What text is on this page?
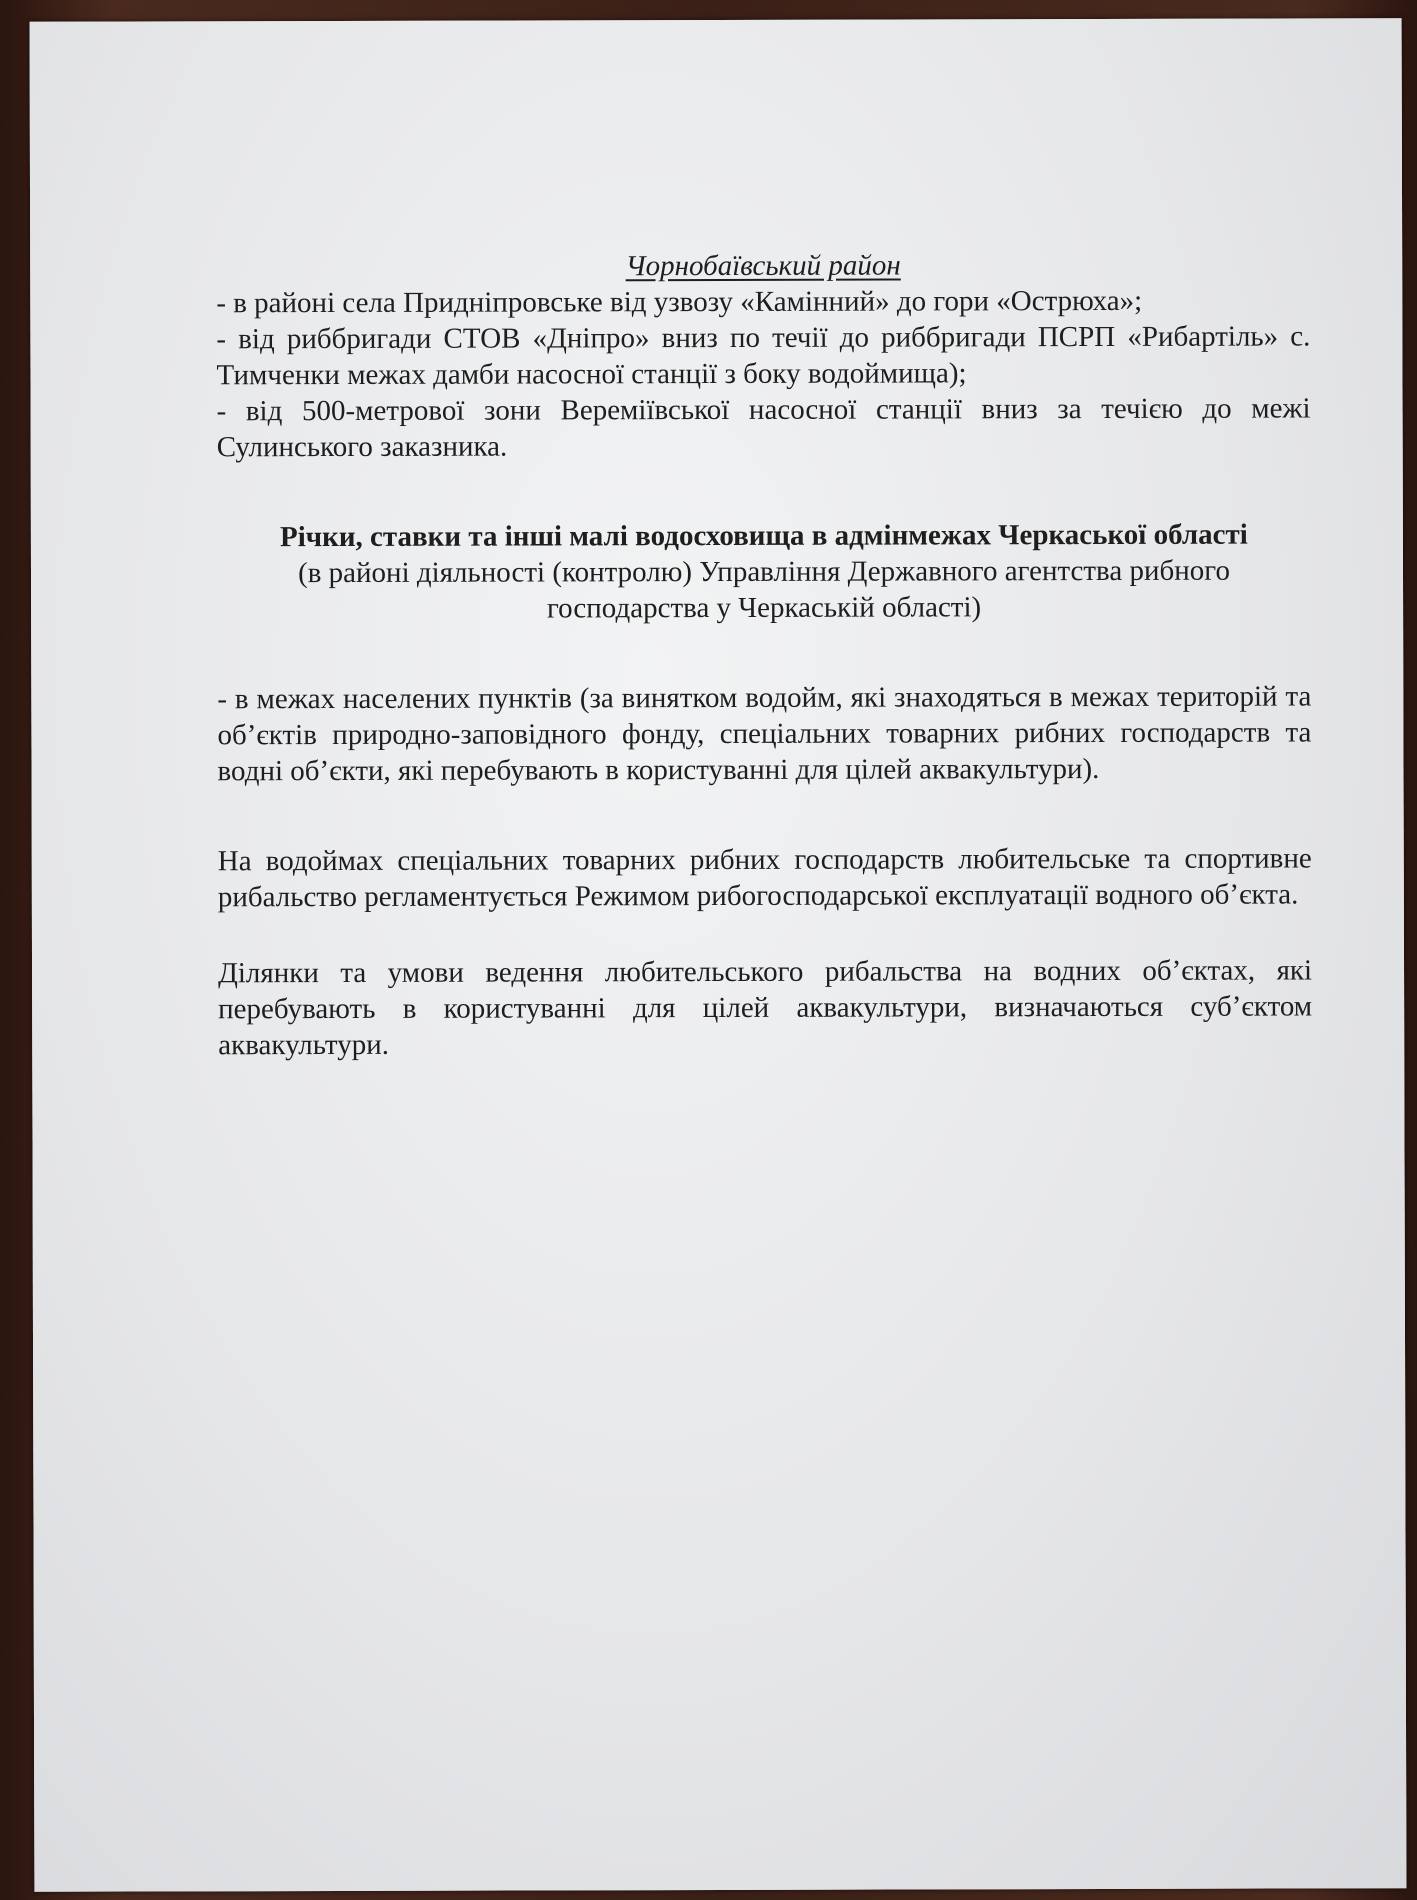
Чорнобаївський район

- в районі села Придніпровське від узвозу «Камінний» до гори «Острюха»;

- від риббригади СТОВ «Дніпро» вниз по течії до риббригади ПСРП «Рибартіль» с. Тимченки межах дамби насосної станції з боку водоймища);

- від 500-метрової зони Веремiївської насосної станції вниз за течією до межі Сулинського заказника.

Річки, ставки та інші малі водосховища в адмінмежах Черкаської області
(в районі діяльності (контролю) Управління Державного агентства рибного господарства у Черкаській області)

- в межах населених пунктів (за винятком водойм, які знаходяться в межах територій та об’єктів природно-заповідного фонду, спеціальних товарних рибних господарств та водні об’єкти, які перебувають в користуванні для цілей аквакультури).

На водоймах спеціальних товарних рибних господарств любительське та спортивне рибальство регламентується Режимом рибогосподарської експлуатації водного об’єкта.

Ділянки та умови ведення любительського рибальства на водних об’єктах, які перебувають в користуванні для цілей аквакультури, визначаються суб’єктом аквакультури.
